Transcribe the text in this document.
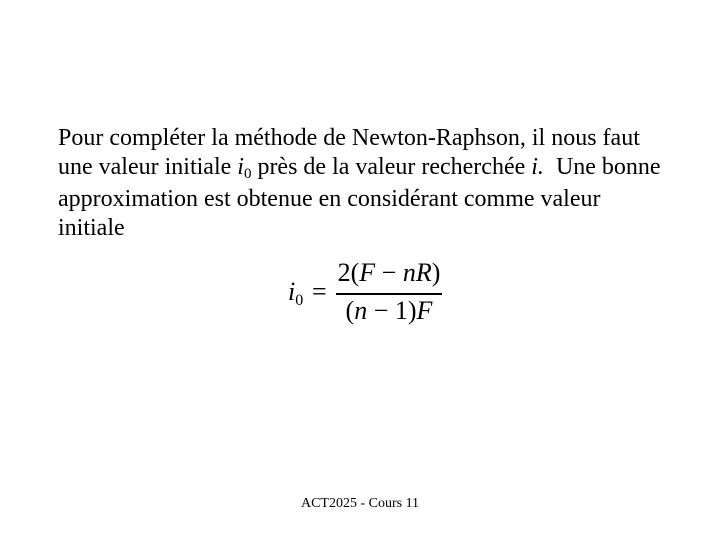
Pour compléter la méthode de Newton-Raphson, il nous faut
une valeur initiale i0 près de la valeur recherchée i. Une bonne
approximation est obtenue en considérant comme valeur
initiale
i0 =
2(F − nR)
(n − 1)F
ACT2025 - Cours 11
